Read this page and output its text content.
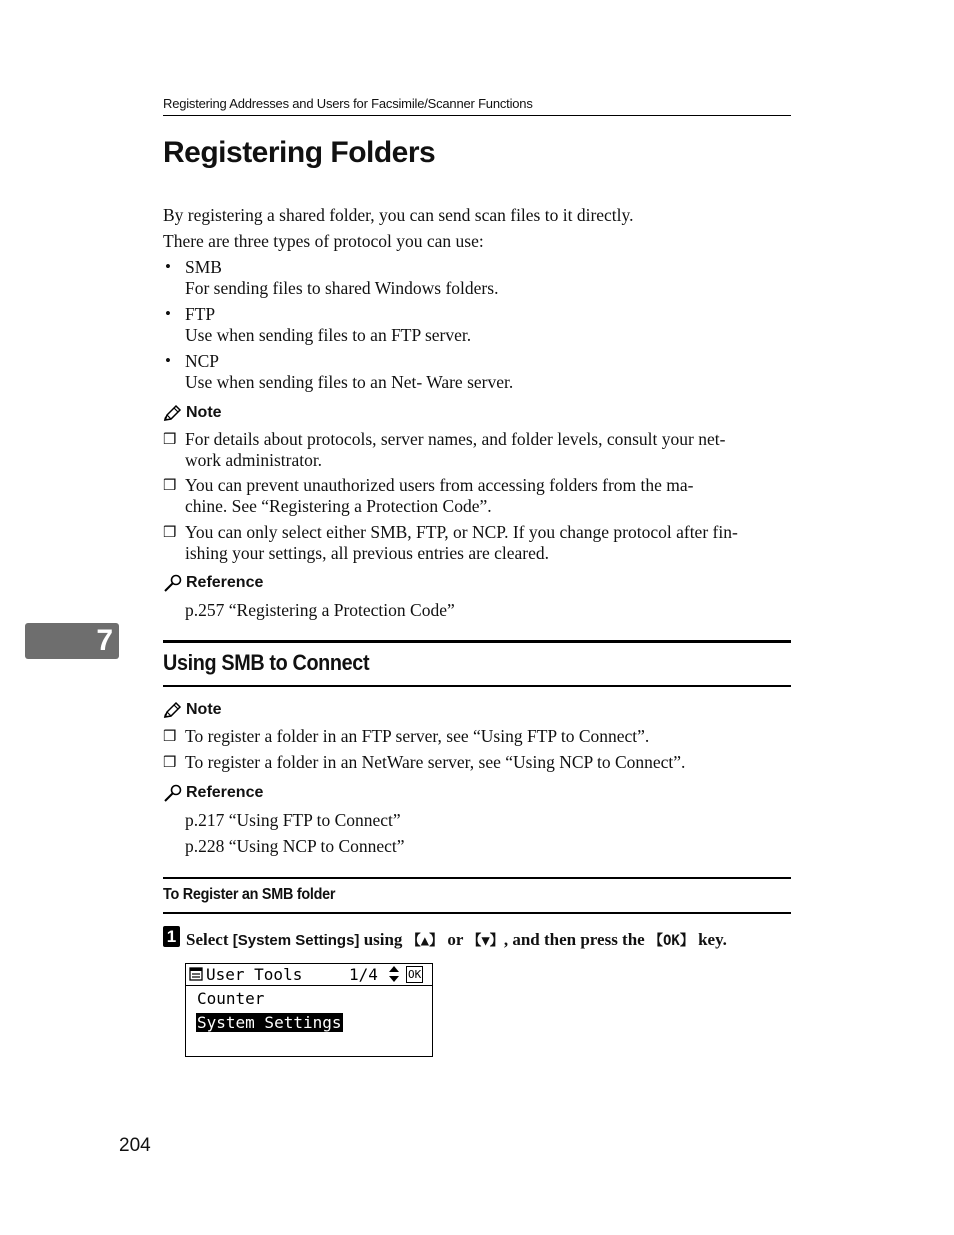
Registering Addresses and Users for Facsimile/Scanner Functions
Registering Folders
By registering a shared folder, you can send scan files to it directly.
There are three types of protocol you can use:
• SMB
For sending files to shared Windows folders.
• FTP
Use when sending files to an FTP server.
• NCP
Use when sending files to an Net- Ware server.
Note
❒ For details about protocols, server names, and folder levels, consult your net-
work administrator.
❒ You can prevent unauthorized users from accessing folders from the ma-
chine. See “Registering a Protection Code”.
❒ You can only select either SMB, FTP, or NCP. If you change protocol after fin-
ishing your settings, all previous entries are cleared.
Reference
p.257 “Registering a Protection Code”
7
Using SMB to Connect
Note
❒ To register a folder in an FTP server, see “Using FTP to Connect”.
❒ To register a folder in an NetWare server, see “Using NCP to Connect”.
Reference
p.217 “Using FTP to Connect”
p.228 “Using NCP to Connect”
To Register an SMB folder
1 Select [System Settings] using 【▲】 or 【▼】, and then press the 【OK】 key.
User Tools	1/4	OK
Counter
System Settings
204
